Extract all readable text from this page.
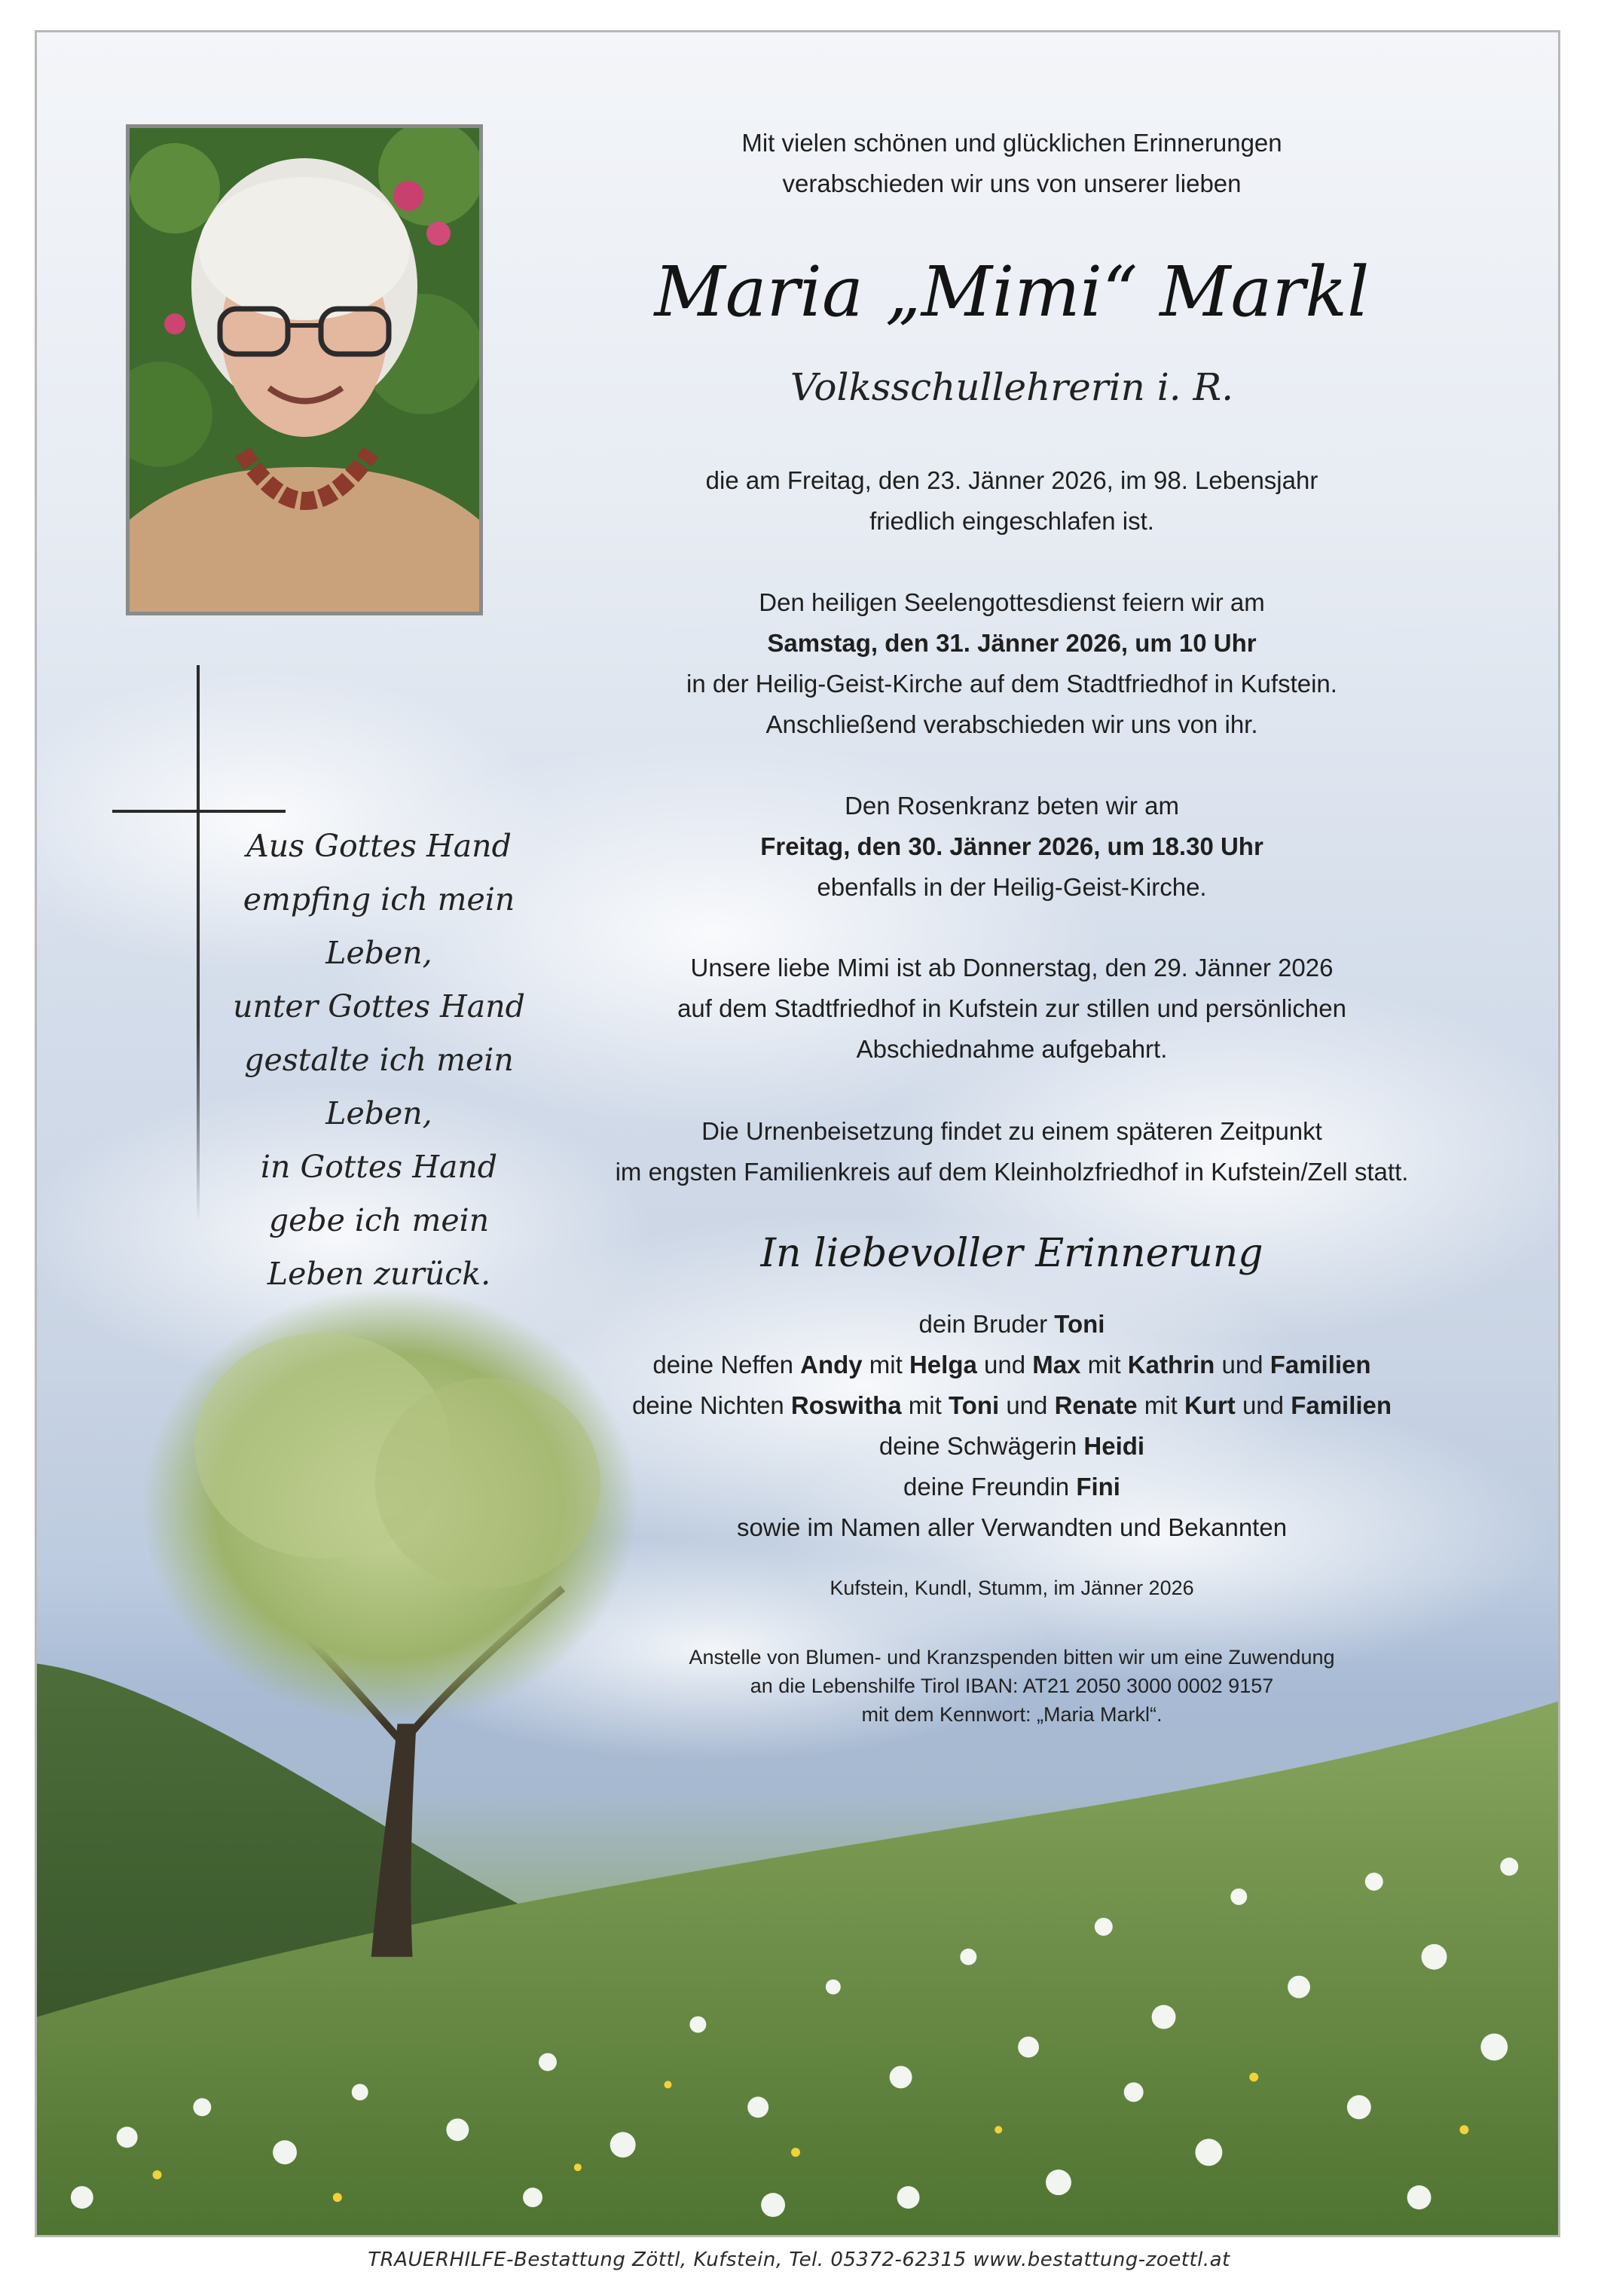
Aus Gottes Hand
empfing ich mein Leben,
unter Gottes Hand
gestalte ich mein Leben,
in Gottes Hand
gebe ich mein
Leben zurück.
Mit vielen schönen und glücklichen Erinnerungen
verabschieden wir uns von unserer lieben
Maria „Mimi“ Markl
Volksschullehrerin i. R.
die am Freitag, den 23. Jänner 2026, im 98. Lebensjahr
friedlich eingeschlafen ist.
Den heiligen Seelengottesdienst feiern wir am
Samstag, den 31. Jänner 2026, um 10 Uhr
in der Heilig-Geist-Kirche auf dem Stadtfriedhof in Kufstein.
Anschließend verabschieden wir uns von ihr.
Den Rosenkranz beten wir am
Freitag, den 30. Jänner 2026, um 18.30 Uhr
ebenfalls in der Heilig-Geist-Kirche.
Unsere liebe Mimi ist ab Donnerstag, den 29. Jänner 2026
auf dem Stadtfriedhof in Kufstein zur stillen und persönlichen
Abschiednahme aufgebahrt.
Die Urnenbeisetzung findet zu einem späteren Zeitpunkt
im engsten Familienkreis auf dem Kleinholzfriedhof in Kufstein/Zell statt.
In liebevoller Erinnerung
dein Bruder Toni
deine Neffen Andy mit Helga und Max mit Kathrin und Familien
deine Nichten Roswitha mit Toni und Renate mit Kurt und Familien
deine Schwägerin Heidi
deine Freundin Fini
sowie im Namen aller Verwandten und Bekannten
Kufstein, Kundl, Stumm, im Jänner 2026
Anstelle von Blumen- und Kranzspenden bitten wir um eine Zuwendung
an die Lebenshilfe Tirol IBAN: AT21 2050 3000 0002 9157
mit dem Kennwort: „Maria Markl“.
TRAUERHILFE-Bestattung Zöttl, Kufstein, Tel. 05372-62315 www.bestattung-zoettl.at
